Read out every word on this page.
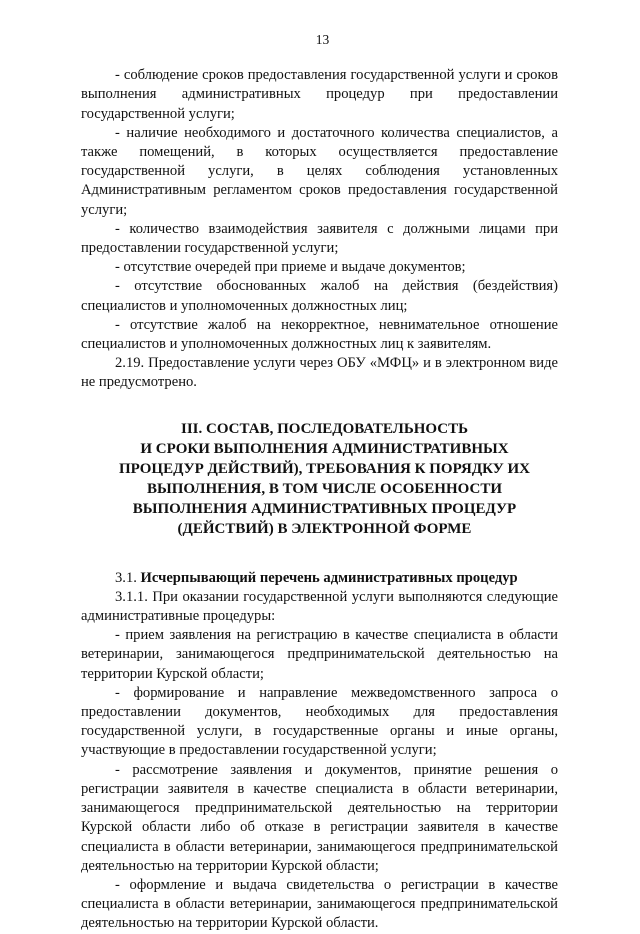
13

- соблюдение сроков предоставления государственной услуги и сроков выполнения административных процедур при предоставлении государственной услуги;

- наличие необходимого и достаточного количества специалистов, а также помещений, в которых осуществляется предоставление государственной услуги, в целях соблюдения установленных Административным регламентом сроков предоставления государственной услуги;

- количество взаимодействия заявителя с должными лицами при предоставлении государственной услуги;

- отсутствие очередей при приеме и выдаче документов;

- отсутствие обоснованных жалоб на действия (бездействия) специалистов и уполномоченных должностных лиц;

- отсутствие жалоб на некорректное, невнимательное отношение специалистов и уполномоченных должностных лиц к заявителям.

2.19. Предоставление услуги через ОБУ «МФЦ» и в электронном виде не предусмотрено.

III. СОСТАВ, ПОСЛЕДОВАТЕЛЬНОСТЬ
И СРОКИ ВЫПОЛНЕНИЯ АДМИНИСТРАТИВНЫХ
ПРОЦЕДУР ДЕЙСТВИЙ), ТРЕБОВАНИЯ К ПОРЯДКУ ИХ
ВЫПОЛНЕНИЯ, В ТОМ ЧИСЛЕ ОСОБЕННОСТИ
ВЫПОЛНЕНИЯ АДМИНИСТРАТИВНЫХ ПРОЦЕДУР
(ДЕЙСТВИЙ) В ЭЛЕКТРОННОЙ ФОРМЕ

3.1. Исчерпывающий перечень административных процедур

3.1.1. При оказании государственной услуги выполняются следующие административные процедуры:

- прием заявления на регистрацию в качестве специалиста в области ветеринарии, занимающегося предпринимательской деятельностью на территории Курской области;

- формирование и направление межведомственного запроса о предоставлении документов, необходимых для предоставления государственной услуги, в государственные органы и иные органы, участвующие в предоставлении государственной услуги;

- рассмотрение заявления и документов, принятие решения о регистрации заявителя в качестве специалиста в области ветеринарии, занимающегося предпринимательской деятельностью на территории Курской области либо об отказе в регистрации заявителя в качестве специалиста в области ветеринарии, занимающегося предпринимательской деятельностью на территории Курской области;

- оформление и выдача свидетельства о регистрации в качестве специалиста в области ветеринарии, занимающегося предпринимательской деятельностью на территории Курской области.
